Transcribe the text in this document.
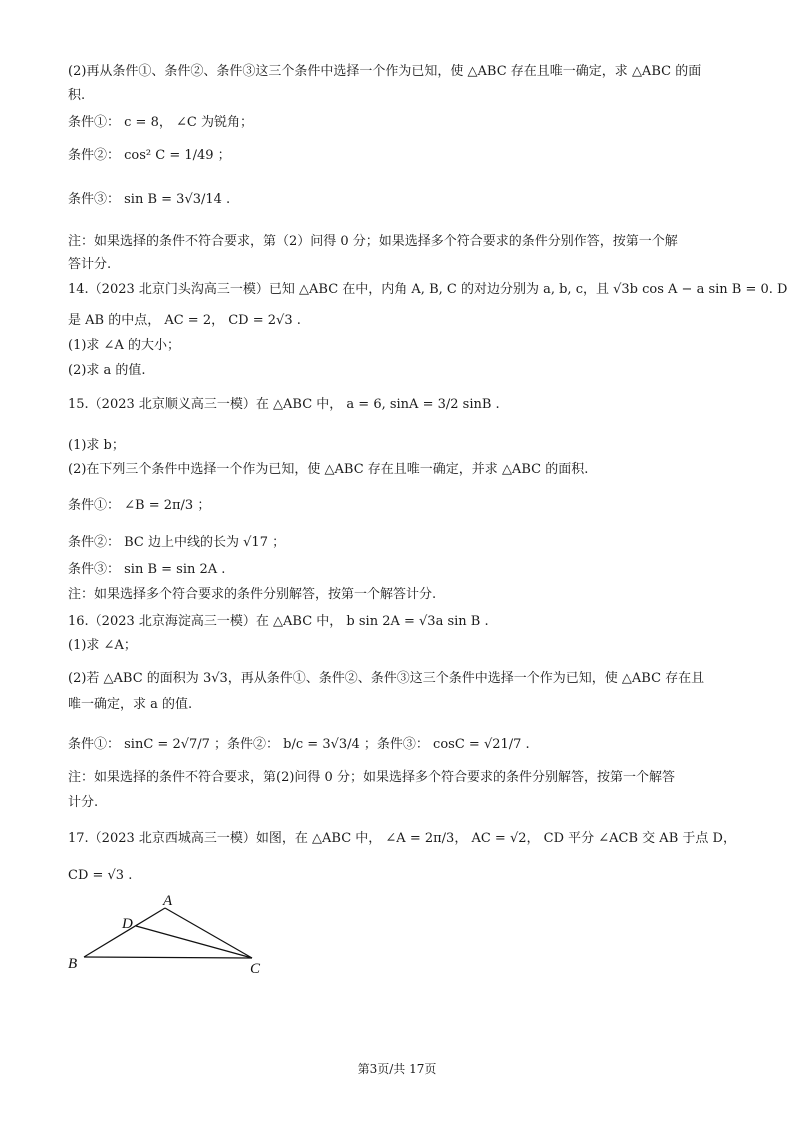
(2)再从条件①、条件②、条件③这三个条件中选择一个作为已知，使 △ABC 存在且唯一确定，求 △ABC 的面
积.
条件①： c = 8， ∠C 为锐角；
条件②： cos² C = 1/49 ；
条件③： sin B = 3√3/14 .
注：如果选择的条件不符合要求，第（2）问得 0 分；如果选择多个符合要求的条件分别作答，按第一个解
答计分.
14.（2023 北京门头沟高三一模）已知 △ABC 在中，内角 A, B, C 的对边分别为 a, b, c，且 √3b cos A − a sin B = 0. D
是 AB 的中点， AC = 2， CD = 2√3 .
(1)求 ∠A 的大小；
(2)求 a 的值.
15.（2023 北京顺义高三一模）在 △ABC 中， a = 6, sinA = 3/2 sinB .
(1)求 b；
(2)在下列三个条件中选择一个作为已知，使 △ABC 存在且唯一确定，并求 △ABC 的面积.
条件①： ∠B = 2π/3 ；
条件②： BC 边上中线的长为 √17 ；
条件③： sin B = sin 2A .
注：如果选择多个符合要求的条件分别解答，按第一个解答计分.
16.（2023 北京海淀高三一模）在 △ABC 中， b sin 2A = √3a sin B .
(1)求 ∠A；
(2)若 △ABC 的面积为 3√3，再从条件①、条件②、条件③这三个条件中选择一个作为已知，使 △ABC 存在且
唯一确定，求 a 的值.
条件①： sinC = 2√7/7 ；条件②： b/c = 3√3/4 ；条件③： cosC = √21/7 .
注：如果选择的条件不符合要求，第(2)问得 0 分；如果选择多个符合要求的条件分别解答，按第一个解答
计分.
17.（2023 北京西城高三一模）如图，在 △ABC 中， ∠A = 2π/3， AC = √2， CD 平分 ∠ACB 交 AB 于点 D，
CD = √3 .
A
D
B	C
第3页/共 17页
